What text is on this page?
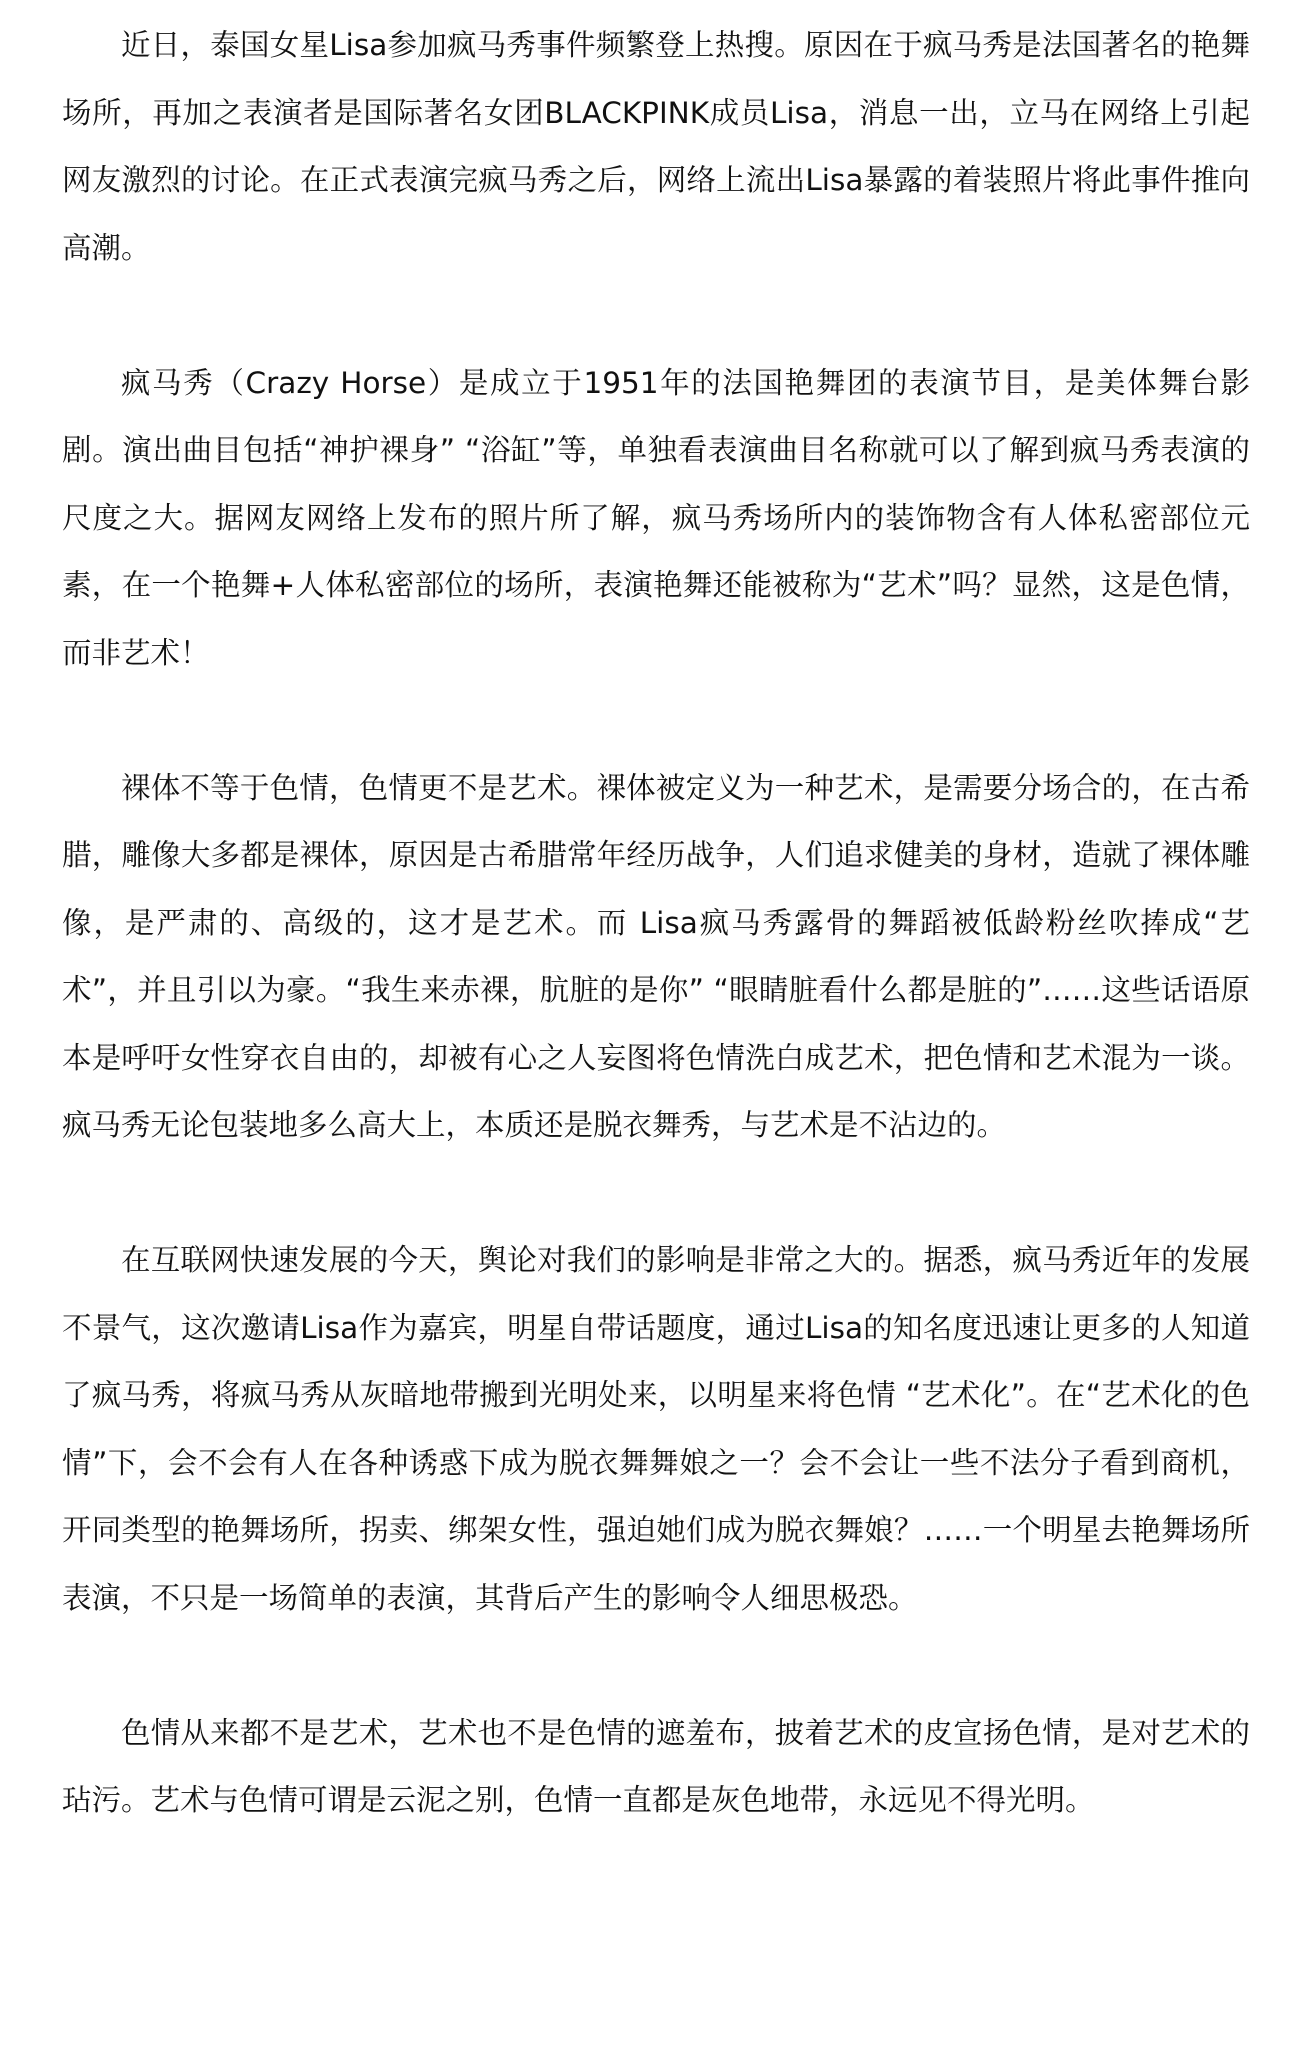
近日，泰国女星Lisa参加疯马秀事件频繁登上热搜。原因在于疯马秀是法国著名的艳舞场所，再加之表演者是国际著名女团BLACKPINK成员Lisa，消息一出，立马在网络上引起网友激烈的讨论。在正式表演完疯马秀之后，网络上流出Lisa暴露的着装照片将此事件推向高潮。

疯马秀（Crazy Horse）是成立于1951年的法国艳舞团的表演节目，是美体舞台影剧。演出曲目包括“神护裸身” “浴缸”等，单独看表演曲目名称就可以了解到疯马秀表演的尺度之大。据网友网络上发布的照片所了解，疯马秀场所内的装饰物含有人体私密部位元素，在一个艳舞+人体私密部位的场所，表演艳舞还能被称为“艺术”吗？显然，这是色情，而非艺术！

裸体不等于色情，色情更不是艺术。裸体被定义为一种艺术，是需要分场合的，在古希腊，雕像大多都是裸体，原因是古希腊常年经历战争，人们追求健美的身材，造就了裸体雕像，是严肃的、高级的，这才是艺术。而 Lisa疯马秀露骨的舞蹈被低龄粉丝吹捧成“艺术”，并且引以为豪。“我生来赤裸，肮脏的是你” “眼睛脏看什么都是脏的”……这些话语原本是呼吁女性穿衣自由的，却被有心之人妄图将色情洗白成艺术，把色情和艺术混为一谈。疯马秀无论包装地多么高大上，本质还是脱衣舞秀，与艺术是不沾边的。

在互联网快速发展的今天，舆论对我们的影响是非常之大的。据悉，疯马秀近年的发展不景气，这次邀请Lisa作为嘉宾，明星自带话题度，通过Lisa的知名度迅速让更多的人知道了疯马秀，将疯马秀从灰暗地带搬到光明处来，以明星来将色情 “艺术化”。在“艺术化的色情”下，会不会有人在各种诱惑下成为脱衣舞舞娘之一？会不会让一些不法分子看到商机，开同类型的艳舞场所，拐卖、绑架女性，强迫她们成为脱衣舞娘？……一个明星去艳舞场所表演，不只是一场简单的表演，其背后产生的影响令人细思极恐。

色情从来都不是艺术，艺术也不是色情的遮羞布，披着艺术的皮宣扬色情，是对艺术的玷污。艺术与色情可谓是云泥之别，色情一直都是灰色地带，永远见不得光明。
